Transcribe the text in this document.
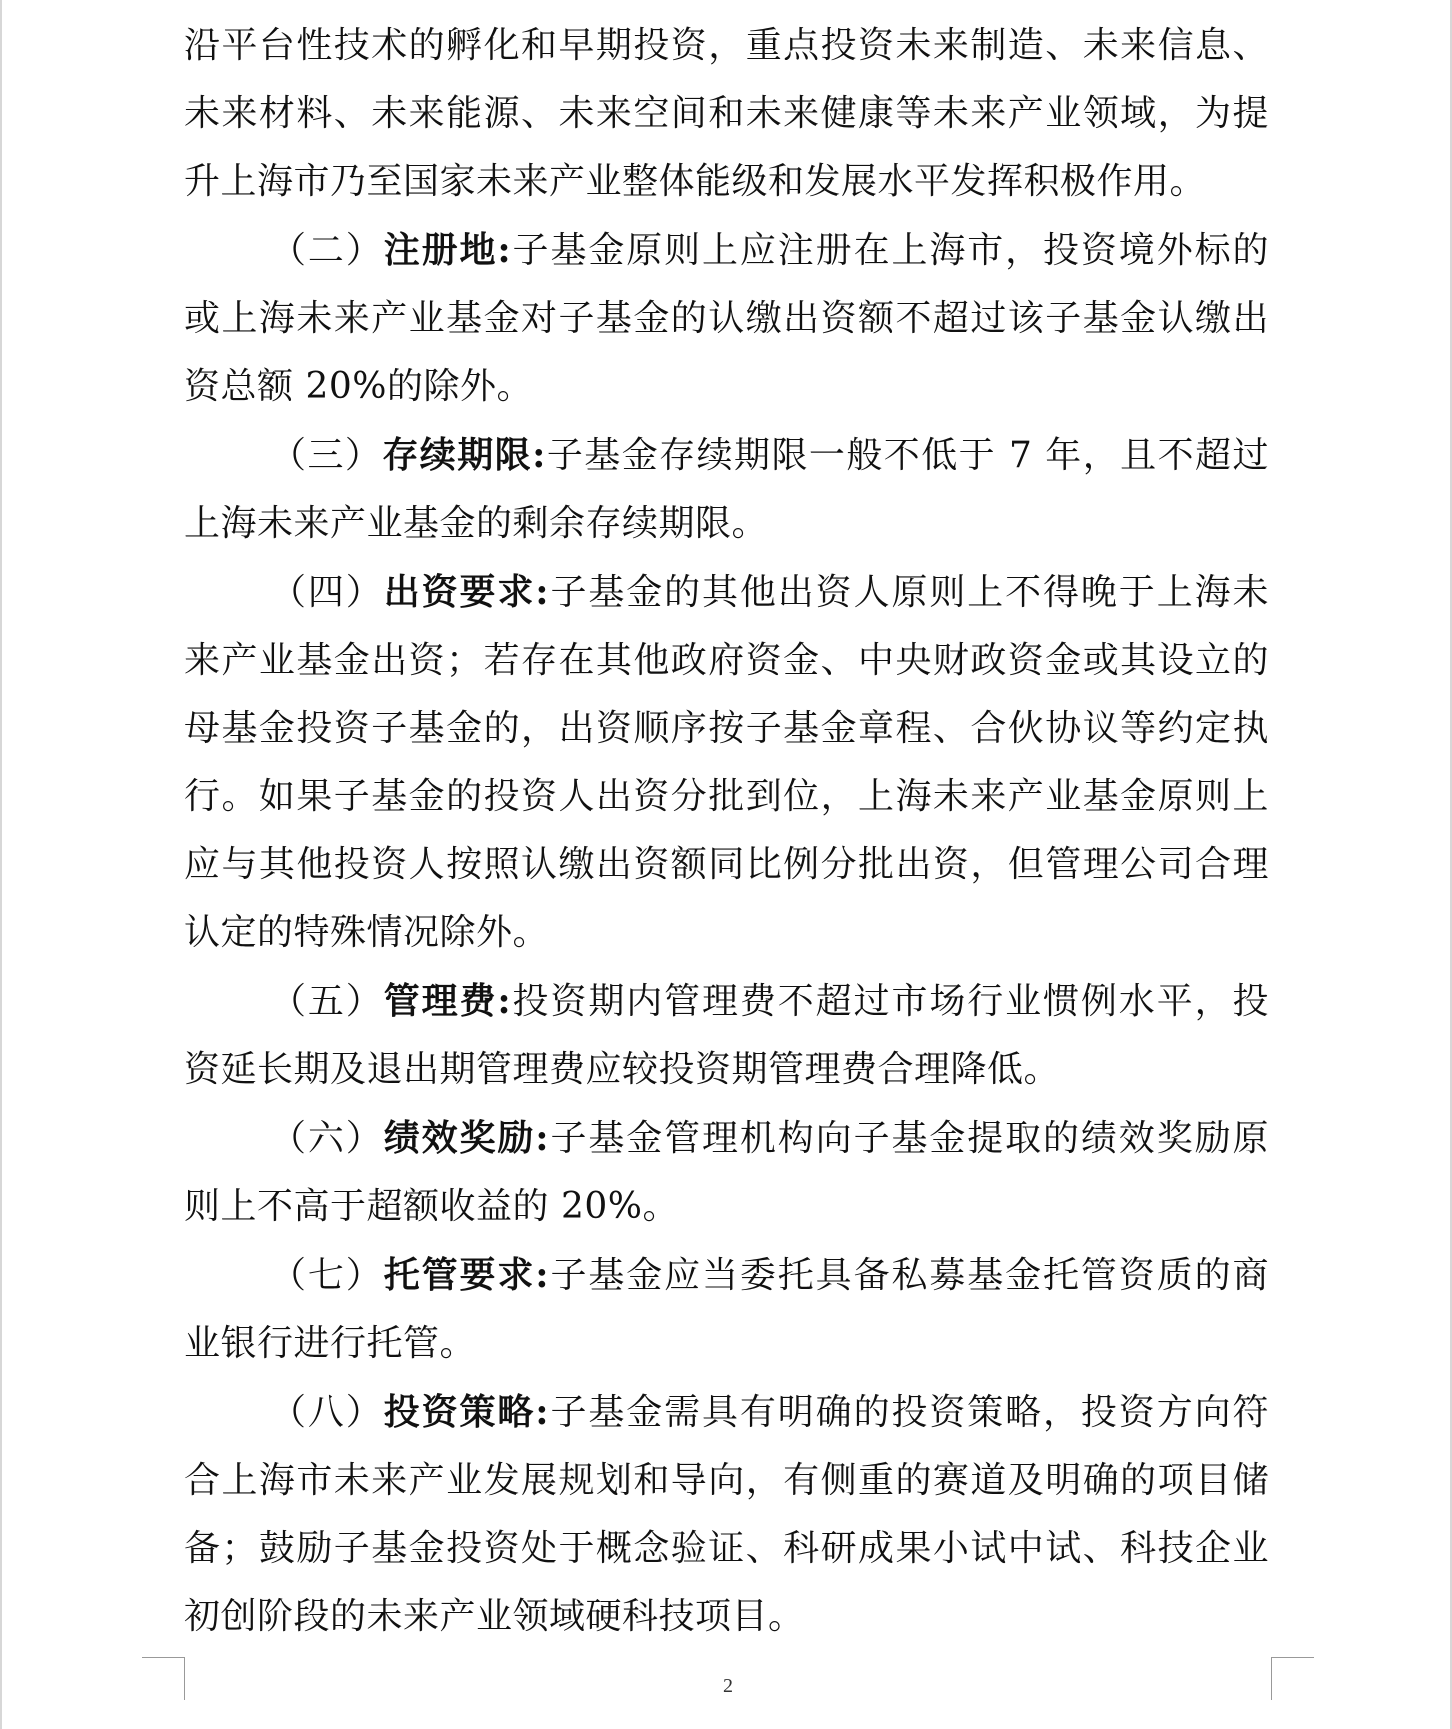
沿平台性技术的孵化和早期投资，重点投资未来制造、未来信息、未来材料、未来能源、未来空间和未来健康等未来产业领域，为提升上海市乃至国家未来产业整体能级和发展水平发挥积极作用。

（二）注册地:子基金原则上应注册在上海市，投资境外标的或上海未来产业基金对子基金的认缴出资额不超过该子基金认缴出资总额 20%的除外。

（三）存续期限:子基金存续期限一般不低于 7 年，且不超过上海未来产业基金的剩余存续期限。

（四）出资要求:子基金的其他出资人原则上不得晚于上海未来产业基金出资；若存在其他政府资金、中央财政资金或其设立的母基金投资子基金的，出资顺序按子基金章程、合伙协议等约定执行。如果子基金的投资人出资分批到位，上海未来产业基金原则上应与其他投资人按照认缴出资额同比例分批出资，但管理公司合理认定的特殊情况除外。

（五）管理费:投资期内管理费不超过市场行业惯例水平，投资延长期及退出期管理费应较投资期管理费合理降低。

（六）绩效奖励:子基金管理机构向子基金提取的绩效奖励原则上不高于超额收益的 20%。

（七）托管要求:子基金应当委托具备私募基金托管资质的商业银行进行托管。

（八）投资策略:子基金需具有明确的投资策略，投资方向符合上海市未来产业发展规划和导向，有侧重的赛道及明确的项目储备；鼓励子基金投资处于概念验证、科研成果小试中试、科技企业初创阶段的未来产业领域硬科技项目。

2
